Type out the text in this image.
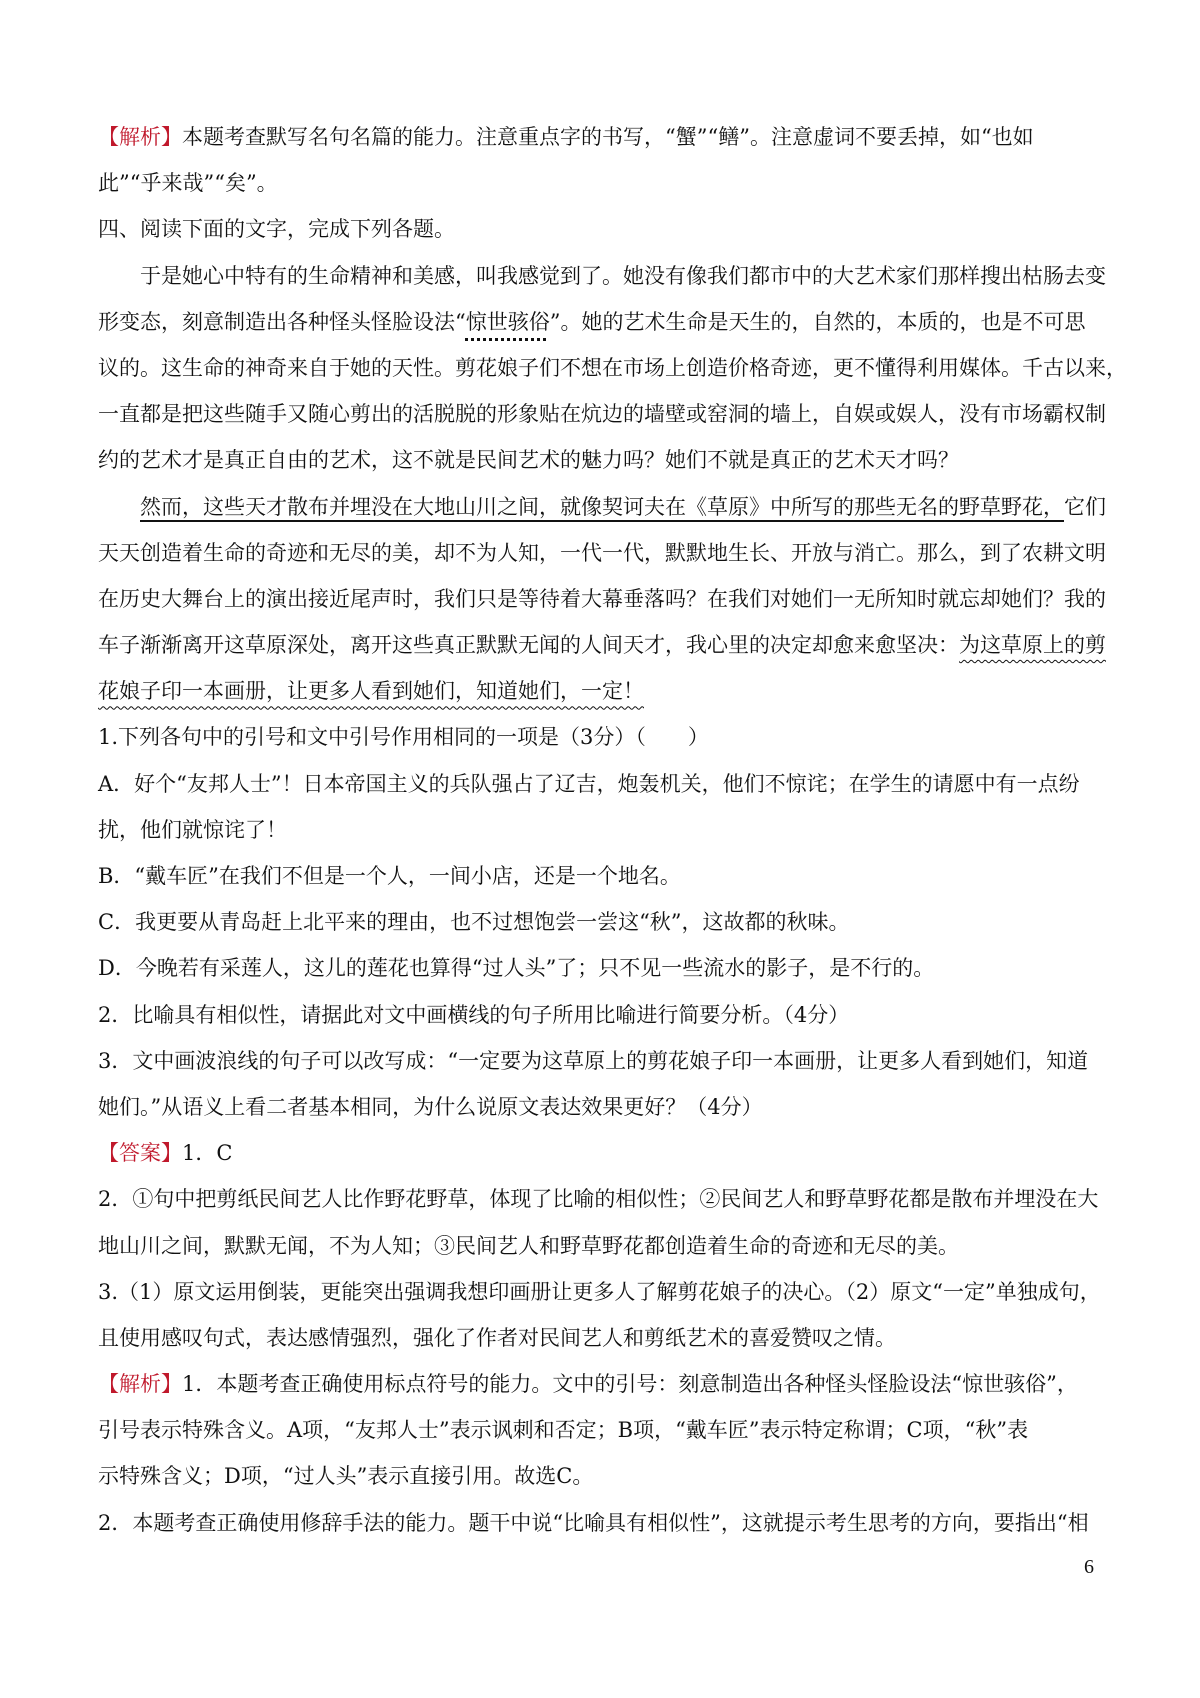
【解析】本题考查默写名句名篇的能力。注意重点字的书写，“蟹”“鳝”。注意虚词不要丢掉，如“也如
此”“乎来哉”“矣”。
四、阅读下面的文字，完成下列各题。
于是她心中特有的生命精神和美感，叫我感觉到了。她没有像我们都市中的大艺术家们那样搜出枯肠去变
形变态，刻意制造出各种怪头怪脸设法“惊世骇俗”。她的艺术生命是天生的，自然的，本质的，也是不可思
议的。这生命的神奇来自于她的天性。剪花娘子们不想在市场上创造价格奇迹，更不懂得利用媒体。千古以来，
一直都是把这些随手又随心剪出的活脱脱的形象贴在炕边的墙壁或窑洞的墙上，自娱或娱人，没有市场霸权制
约的艺术才是真正自由的艺术，这不就是民间艺术的魅力吗？她们不就是真正的艺术天才吗？
然而，这些天才散布并埋没在大地山川之间，就像契诃夫在《草原》中所写的那些无名的野草野花，它们
天天创造着生命的奇迹和无尽的美，却不为人知，一代一代，默默地生长、开放与消亡。那么，到了农耕文明
在历史大舞台上的演出接近尾声时，我们只是等待着大幕垂落吗？在我们对她们一无所知时就忘却她们？我的
车子渐渐离开这草原深处，离开这些真正默默无闻的人间天才，我心里的决定却愈来愈坚决：为这草原上的剪
花娘子印一本画册，让更多人看到她们，知道她们，一定！
1.下列各句中的引号和文中引号作用相同的一项是（3分）（　　）
A．好个“友邦人士”！日本帝国主义的兵队强占了辽吉，炮轰机关，他们不惊诧；在学生的请愿中有一点纷
扰，他们就惊诧了！
B．“戴车匠”在我们不但是一个人，一间小店，还是一个地名。
C．我更要从青岛赶上北平来的理由，也不过想饱尝一尝这“秋”，这故都的秋味。
D．今晚若有采莲人，这儿的莲花也算得“过人头”了；只不见一些流水的影子，是不行的。
2．比喻具有相似性，请据此对文中画横线的句子所用比喻进行简要分析。（4分）
3．文中画波浪线的句子可以改写成：“一定要为这草原上的剪花娘子印一本画册，让更多人看到她们，知道
她们。”从语义上看二者基本相同，为什么说原文表达效果更好？（4分）
【答案】1．C
2．①句中把剪纸民间艺人比作野花野草，体现了比喻的相似性；②民间艺人和野草野花都是散布并埋没在大
地山川之间，默默无闻，不为人知；③民间艺人和野草野花都创造着生命的奇迹和无尽的美。
3.（1）原文运用倒装，更能突出强调我想印画册让更多人了解剪花娘子的决心。（2）原文“一定”单独成句，
且使用感叹句式，表达感情强烈，强化了作者对民间艺人和剪纸艺术的喜爱赞叹之情。
【解析】1．本题考查正确使用标点符号的能力。文中的引号：刻意制造出各种怪头怪脸设法“惊世骇俗”，
引号表示特殊含义。A项，“友邦人士”表示讽刺和否定；B项，“戴车匠”表示特定称谓；C项，“秋”表
示特殊含义；D项，“过人头”表示直接引用。故选C。
2．本题考查正确使用修辞手法的能力。题干中说“比喻具有相似性”，这就提示考生思考的方向，要指出“相
6
